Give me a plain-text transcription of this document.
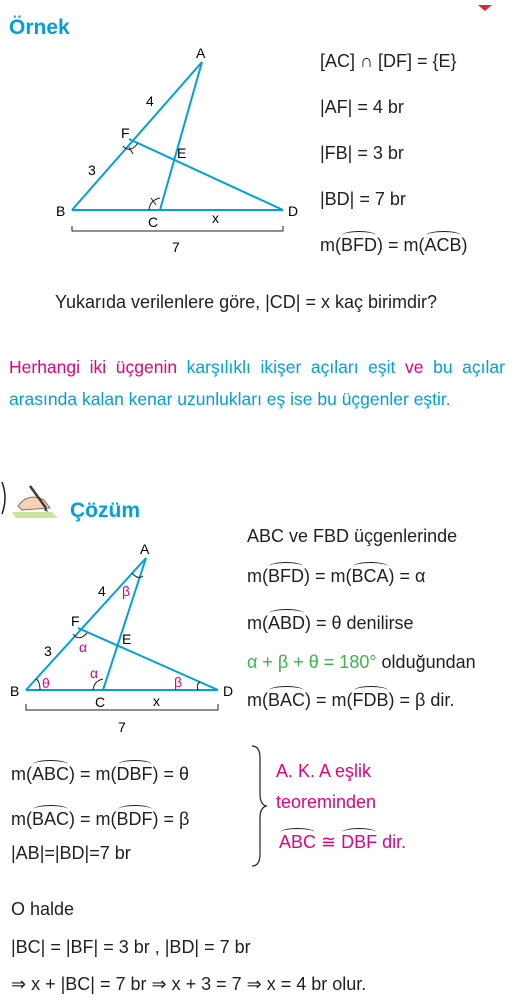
Örnek
A
B
C
D
E
F
4
3
x
7
[AC] ∩ [DF] = {E}
|AF| = 4 br
|FB| = 3 br
|BD| = 7 br
m(BFD) = m(ACB)
Yukarıda verilenlere göre, |CD| = x kaç birimdir?
Herhangi iki üçgenin karşılıklı ikişer açıları eşit ve bu açılar arasında kalan kenar uzunlukları eş ise bu üçgenler eştir.
Çözüm
A
B
C
D
E
F
4
3
x
7
β
α
α
θ	β
ABC ve FBD üçgenlerinde
m(BFD) = m(BCA) = α
m(ABD) = θ denilirse
α + β + θ = 180° olduğundan
m(BAC) = m(FDB) = β dir.
m(ABC) = m(DBF) = θ
m(BAC) = m(BDF) = β
|AB|=|BD|=7 br
A. K. A eşlik
teoreminden
ABC ≅ DBF dir.
O halde
|BC| = |BF| = 3 br , |BD| = 7 br
⇒ x + |BC| = 7 br ⇒ x + 3 = 7 ⇒ x = 4 br olur.
